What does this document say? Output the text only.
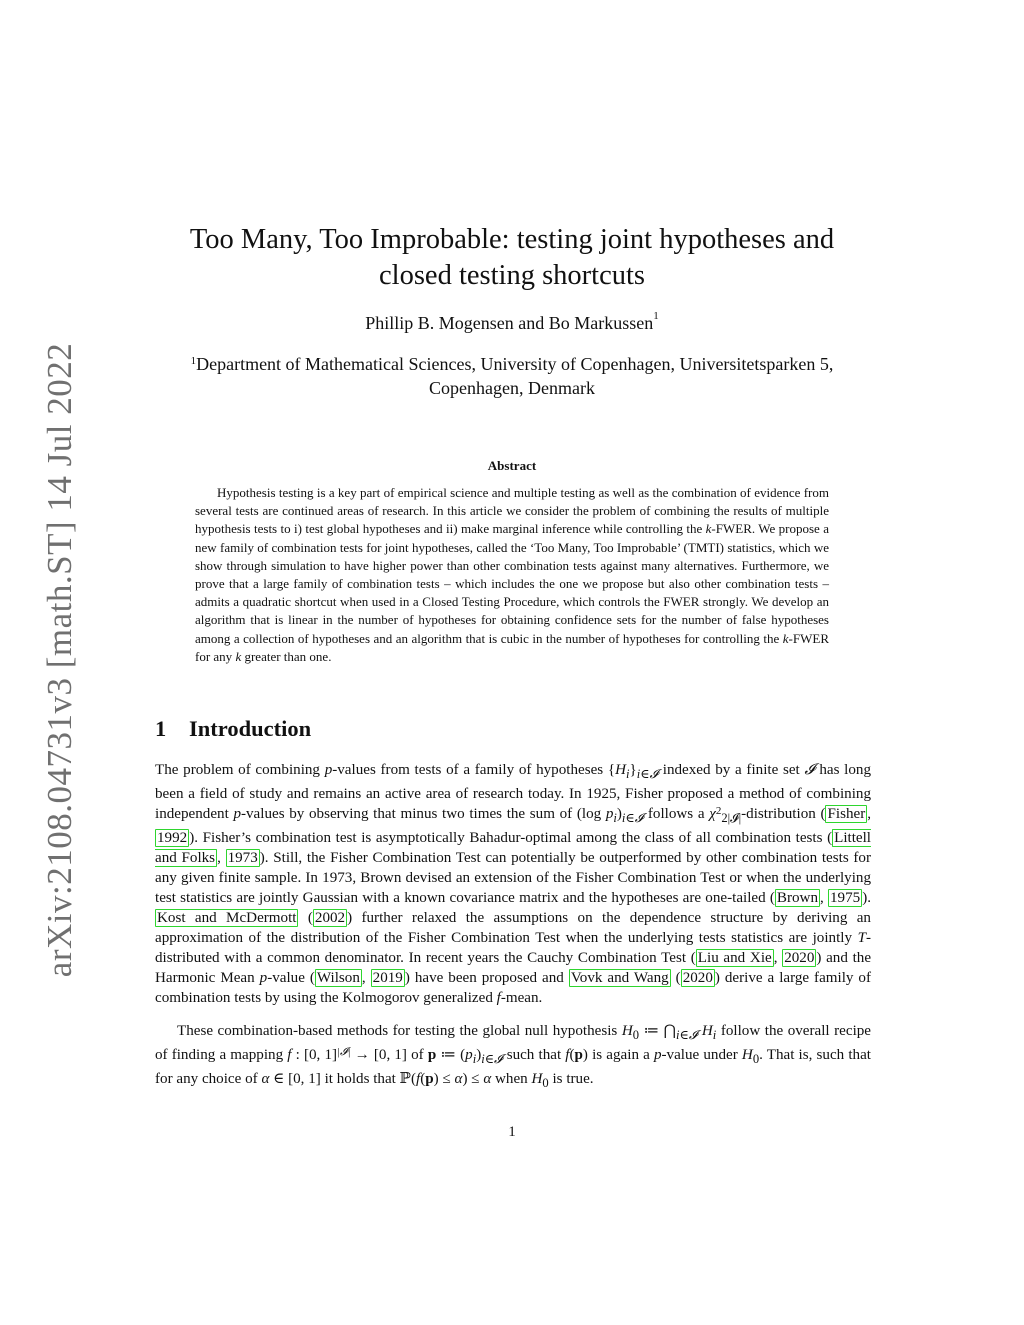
arXiv:2108.04731v3 [math.ST] 14 Jul 2022
Too Many, Too Improbable: testing joint hypotheses and
closed testing shortcuts
Phillip B. Mogensen and Bo Markussen$^1$
$^1$Department of Mathematical Sciences, University of Copenhagen, Universitetsparken 5,
Copenhagen, Denmark
Abstract
Hypothesis testing is a key part of empirical science and multiple testing as well as the combination of evidence from several tests are continued areas of research. In this article we consider the problem of combining the results of multiple hypothesis tests to i) test global hypotheses and ii) make marginal inference while controlling the k-FWER. We propose a new family of combination tests for joint hypotheses, called the ‘Too Many, Too Improbable’ (TMTI) statistics, which we show through simulation to have higher power than other combination tests against many alternatives. Furthermore, we prove that a large family of combination tests – which includes the one we propose but also other combination tests – admits a quadratic shortcut when used in a Closed Testing Procedure, which controls the FWER strongly. We develop an algorithm that is linear in the number of hypotheses for obtaining confidence sets for the number of false hypotheses among a collection of hypotheses and an algorithm that is cubic in the number of hypotheses for controlling the k-FWER for any k greater than one.
1 Introduction
The problem of combining p-values from tests of a family of hypotheses $\{H_i\}_{i\in 𝓘}$ indexed by a finite set 𝓘 has long been a field of study and remains an active area of research today. In 1925, Fisher proposed a method of combining independent p-values by observing that minus two times the sum of (log $p_i)_{i\in 𝓘}$ follows a $\chi^2_{2|𝓘|}$-distribution ( Fisher , 1992 ). Fisher’s combination test is asymptotically Bahadur-optimal among the class of all combination tests ( Littell and Folks , 1973 ). Still, the Fisher Combination Test can potentially be outperformed by other combination tests for any given finite sample. In 1973, Brown devised an extension of the Fisher Combination Test or when the underlying test statistics are jointly Gaussian with a known covariance matrix and the hypotheses are one-tailed ( Brown , 1975 ). Kost and McDermott ( 2002 ) further relaxed the assumptions on the dependence structure by deriving an approximation of the distribution of the Fisher Combination Test when the underlying tests statistics are jointly T-distributed with a common denominator. In recent years the Cauchy Combination Test ( Liu and Xie , 2020 ) and the Harmonic Mean p-value ( Wilson , 2019 ) have been proposed and Vovk and Wang ( 2020 ) derive a large family of combination tests by using the Kolmogorov generalized f-mean.
These combination-based methods for testing the global null hypothesis $H_0$ ≔ $⋂_{i\in 𝓘}$ $H_i$ follow the overall recipe of finding a mapping f : [0, 1]$^{|𝓘|}$ → [0, 1] of p ≔ $(p_i)_{i\in 𝓘}$ such that f(p) is again a p-value under $H_0$. That is, such that for any choice of α ∈ [0, 1] it holds that ℙ(f(p) ≤ α) ≤ α when $H_0$ is true.
1
